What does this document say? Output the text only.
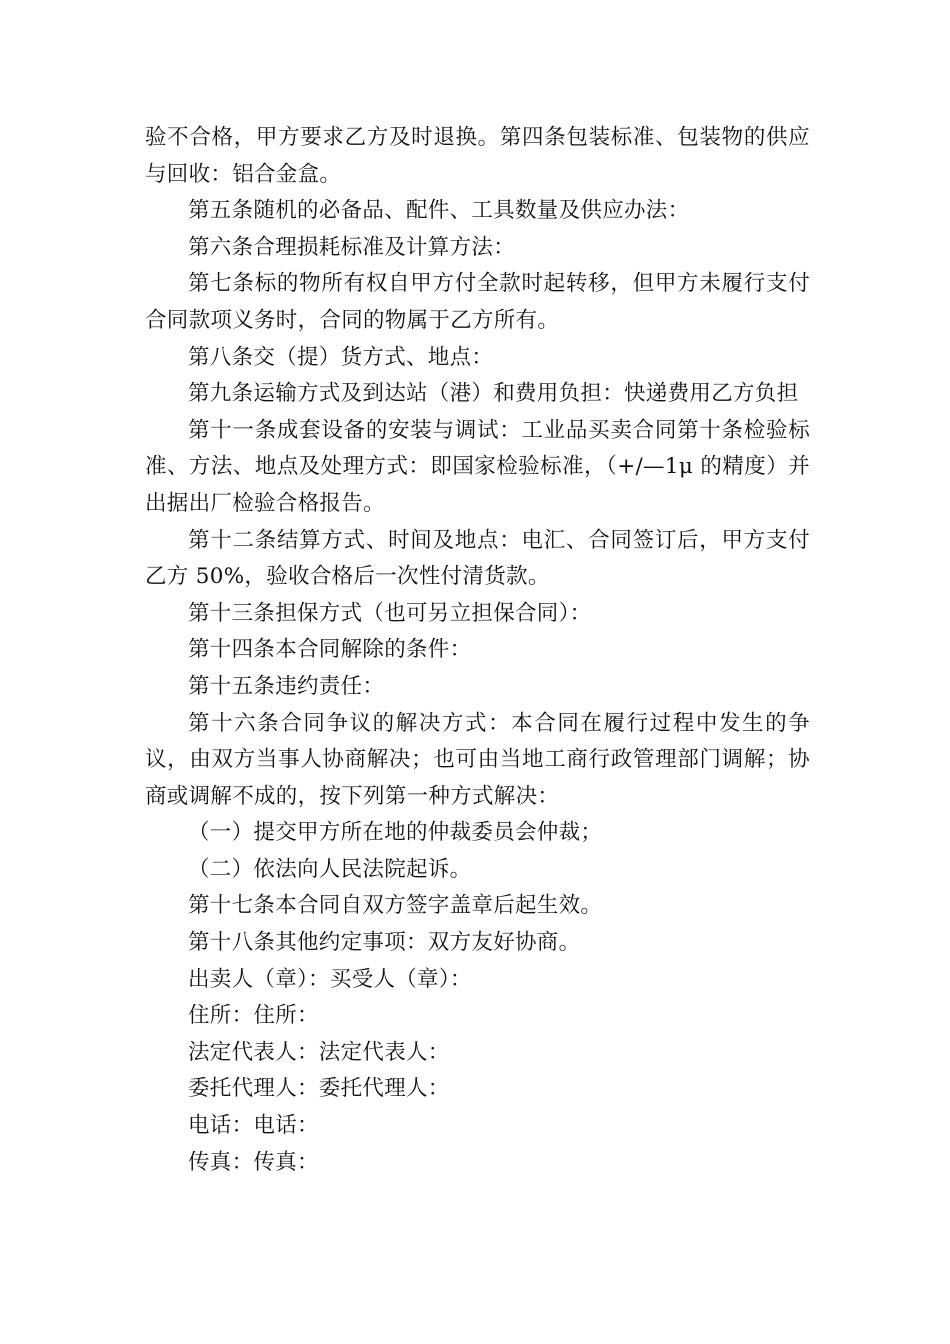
验不合格，甲方要求乙方及时退换。第四条包装标准、包装物的供应与回收：铝合金盒。

第五条随机的必备品、配件、工具数量及供应办法：

第六条合理损耗标准及计算方法：

第七条标的物所有权自甲方付全款时起转移，但甲方未履行支付合同款项义务时，合同的物属于乙方所有。

第八条交（提）货方式、地点：

第九条运输方式及到达站（港）和费用负担：快递费用乙方负担

第十一条成套设备的安装与调试：工业品买卖合同第十条检验标准、方法、地点及处理方式：即国家检验标准，（+/—1μ 的精度）并出据出厂检验合格报告。

第十二条结算方式、时间及地点：电汇、合同签订后，甲方支付乙方 50%，验收合格后一次性付清货款。

第十三条担保方式（也可另立担保合同）：

第十四条本合同解除的条件：

第十五条违约责任：

第十六条合同争议的解决方式：本合同在履行过程中发生的争议，由双方当事人协商解决；也可由当地工商行政管理部门调解；协商或调解不成的，按下列第一种方式解决：

（一）提交甲方所在地的仲裁委员会仲裁；

（二）依法向人民法院起诉。

第十七条本合同自双方签字盖章后起生效。

第十八条其他约定事项：双方友好协商。

出卖人（章）：买受人（章）：

住所：住所：

法定代表人：法定代表人：

委托代理人：委托代理人：

电话：电话：

传真：传真：
